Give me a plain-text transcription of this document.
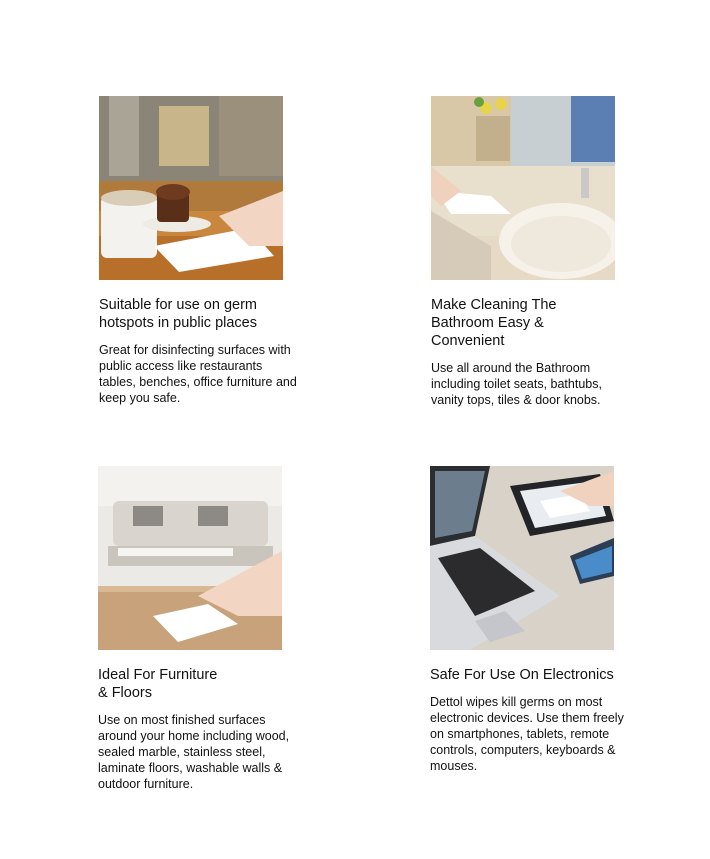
Suitable for use on germ
hotspots in public places
Great for disinfecting surfaces with public access like restaurants tables, benches, office furniture and keep you safe.
Make Cleaning The
Bathroom Easy &
Convenient
Use all around the Bathroom including toilet seats, bathtubs, vanity tops, tiles & door knobs.
Ideal For Furniture
& Floors
Use on most finished surfaces around your home including wood, sealed marble, stainless steel, laminate floors, washable walls & outdoor furniture.
Safe For Use On Electronics
Dettol wipes kill germs on most electronic devices. Use them freely on smartphones, tablets, remote controls, computers, keyboards & mouses.
